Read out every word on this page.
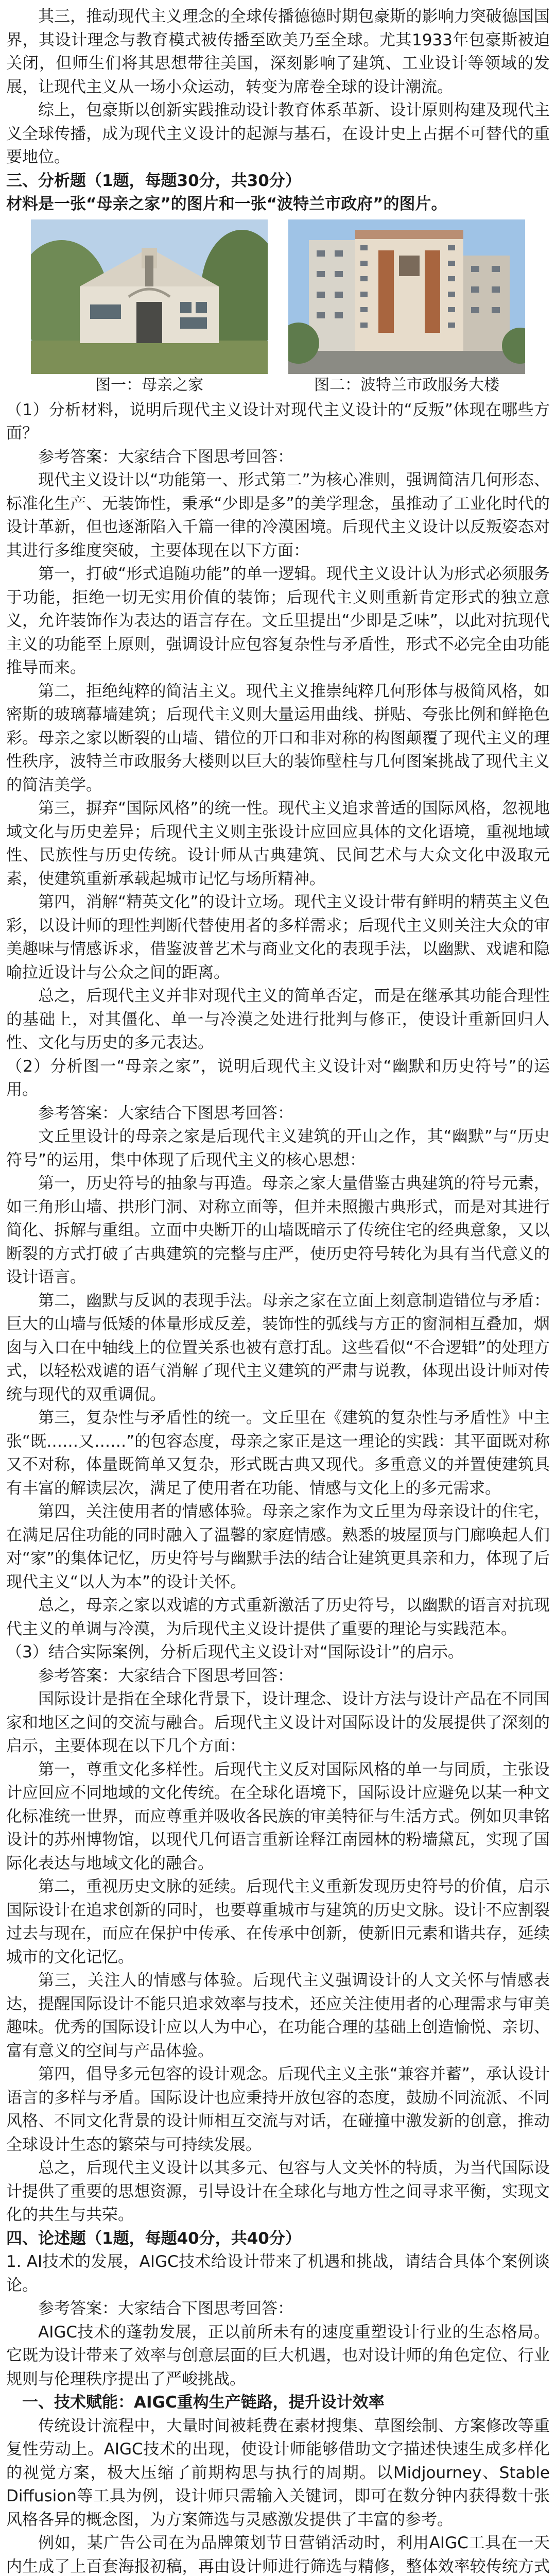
其三，推动现代主义理念的全球传播德德时期包豪斯的影响力突破德国国界，其设计理念与教育模式被传播至欧美乃至全球。尤其1933年包豪斯被迫关闭，但师生们将其思想带往美国，深刻影响了建筑、工业设计等领域的发展，让现代主义从一场小众运动，转变为席卷全球的设计潮流。

综上，包豪斯以创新实践推动设计教育体系革新、设计原则构建及现代主义全球传播，成为现代主义设计的起源与基石，在设计史上占据不可替代的重要地位。

三、分析题（1题，每题30分，共30分）

材料是一张“母亲之家”的图片和一张“波特兰市政府”的图片。

图一：母亲之家	图二：波特兰市政服务大楼

（1）分析材料，说明后现代主义设计对现代主义设计的“反叛”体现在哪些方面？

参考答案：大家结合下图思考回答：

现代主义设计以“功能第一、形式第二”为核心准则，强调简洁几何形态、标准化生产、无装饰性，秉承“少即是多”的美学理念，虽推动了工业化时代的设计革新，但也逐渐陷入千篇一律的冷漠困境。后现代主义设计以反叛姿态对其进行多维度突破，主要体现在以下方面：

第一，打破“形式追随功能”的单一逻辑。现代主义设计认为形式必须服务于功能，拒绝一切无实用价值的装饰；后现代主义则重新肯定形式的独立意义，允许装饰作为表达的语言存在。文丘里提出“少即是乏味”，以此对抗现代主义的功能至上原则，强调设计应包容复杂性与矛盾性，形式不必完全由功能推导而来。

第二，拒绝纯粹的简洁主义。现代主义推崇纯粹几何形体与极简风格，如密斯的玻璃幕墙建筑；后现代主义则大量运用曲线、拼贴、夸张比例和鲜艳色彩。母亲之家以断裂的山墙、错位的开口和非对称的构图颠覆了现代主义的理性秩序，波特兰市政服务大楼则以巨大的装饰壁柱与几何图案挑战了现代主义的简洁美学。

第三，摒弃“国际风格”的统一性。现代主义追求普适的国际风格，忽视地域文化与历史差异；后现代主义则主张设计应回应具体的文化语境，重视地域性、民族性与历史传统。设计师从古典建筑、民间艺术与大众文化中汲取元素，使建筑重新承载起城市记忆与场所精神。

第四，消解“精英文化”的设计立场。现代主义设计带有鲜明的精英主义色彩，以设计师的理性判断代替使用者的多样需求；后现代主义则关注大众的审美趣味与情感诉求，借鉴波普艺术与商业文化的表现手法，以幽默、戏谑和隐喻拉近设计与公众之间的距离。

总之，后现代主义并非对现代主义的简单否定，而是在继承其功能合理性的基础上，对其僵化、单一与冷漠之处进行批判与修正，使设计重新回归人性、文化与历史的多元表达。

（2）分析图一“母亲之家”，说明后现代主义设计对“幽默和历史符号”的运用。

参考答案：大家结合下图思考回答：

文丘里设计的母亲之家是后现代主义建筑的开山之作，其“幽默”与“历史符号”的运用，集中体现了后现代主义的核心思想：

第一，历史符号的抽象与再造。母亲之家大量借鉴古典建筑的符号元素，如三角形山墙、拱形门洞、对称立面等，但并未照搬古典形式，而是对其进行简化、拆解与重组。立面中央断开的山墙既暗示了传统住宅的经典意象，又以断裂的方式打破了古典建筑的完整与庄严，使历史符号转化为具有当代意义的设计语言。

第二，幽默与反讽的表现手法。母亲之家在立面上刻意制造错位与矛盾：巨大的山墙与低矮的体量形成反差，装饰性的弧线与方正的窗洞相互叠加，烟囱与入口在中轴线上的位置关系也被有意打乱。这些看似“不合逻辑”的处理方式，以轻松戏谑的语气消解了现代主义建筑的严肃与说教，体现出设计师对传统与现代的双重调侃。

第三，复杂性与矛盾性的统一。文丘里在《建筑的复杂性与矛盾性》中主张“既……又……”的包容态度，母亲之家正是这一理论的实践：其平面既对称又不对称，体量既简单又复杂，形式既古典又现代。多重意义的并置使建筑具有丰富的解读层次，满足了使用者在功能、情感与文化上的多元需求。

第四，关注使用者的情感体验。母亲之家作为文丘里为母亲设计的住宅，在满足居住功能的同时融入了温馨的家庭情感。熟悉的坡屋顶与门廊唤起人们对“家”的集体记忆，历史符号与幽默手法的结合让建筑更具亲和力，体现了后现代主义“以人为本”的设计关怀。

总之，母亲之家以戏谑的方式重新激活了历史符号，以幽默的语言对抗现代主义的单调与冷漠，为后现代主义设计提供了重要的理论与实践范本。

（3）结合实际案例，分析后现代主义设计对“国际设计”的启示。

参考答案：大家结合下图思考回答：

国际设计是指在全球化背景下，设计理念、设计方法与设计产品在不同国家和地区之间的交流与融合。后现代主义设计对国际设计的发展提供了深刻的启示，主要体现在以下几个方面：

第一，尊重文化多样性。后现代主义反对国际风格的单一与同质，主张设计应回应不同地域的文化传统。在全球化语境下，国际设计应避免以某一种文化标准统一世界，而应尊重并吸收各民族的审美特征与生活方式。例如贝聿铭设计的苏州博物馆，以现代几何语言重新诠释江南园林的粉墙黛瓦，实现了国际化表达与地域文化的融合。

第二，重视历史文脉的延续。后现代主义重新发现历史符号的价值，启示国际设计在追求创新的同时，也要尊重城市与建筑的历史文脉。设计不应割裂过去与现在，而应在保护中传承、在传承中创新，使新旧元素和谐共存，延续城市的文化记忆。

第三，关注人的情感与体验。后现代主义强调设计的人文关怀与情感表达，提醒国际设计不能只追求效率与技术，还应关注使用者的心理需求与审美趣味。优秀的国际设计应以人为中心，在功能合理的基础上创造愉悦、亲切、富有意义的空间与产品体验。

第四，倡导多元包容的设计观念。后现代主义主张“兼容并蓄”，承认设计语言的多样与矛盾。国际设计也应秉持开放包容的态度，鼓励不同流派、不同风格、不同文化背景的设计师相互交流与对话，在碰撞中激发新的创意，推动全球设计生态的繁荣与可持续发展。

总之，后现代主义设计以其多元、包容与人文关怀的特质，为当代国际设计提供了重要的思想资源，引导设计在全球化与地方性之间寻求平衡，实现文化的共生与共荣。

四、论述题（1题，每题40分，共40分）

1. AI技术的发展，AIGC技术给设计带来了机遇和挑战，请结合具体个案例谈论。

参考答案：大家结合下图思考回答：

AIGC技术的蓬勃发展，正以前所未有的速度重塑设计行业的生态格局。它既为设计带来了效率与创意层面的巨大机遇，也对设计师的角色定位、行业规则与伦理秩序提出了严峻挑战。

一、技术赋能：AIGC重构生产链路，提升设计效率

传统设计流程中，大量时间被耗费在素材搜集、草图绘制、方案修改等重复性劳动上。AIGC技术的出现，使设计师能够借助文字描述快速生成多样化的视觉方案，极大压缩了前期构思与执行的周期。以Midjourney、Stable Diffusion等工具为例，设计师只需输入关键词，即可在数分钟内获得数十张风格各异的概念图，为方案筛选与灵感激发提供了丰富的参考。

例如，某广告公司在为品牌策划节日营销活动时，利用AIGC工具在一天内生成了上百套海报初稿，再由设计师进行筛选与精修，整体效率较传统方式
